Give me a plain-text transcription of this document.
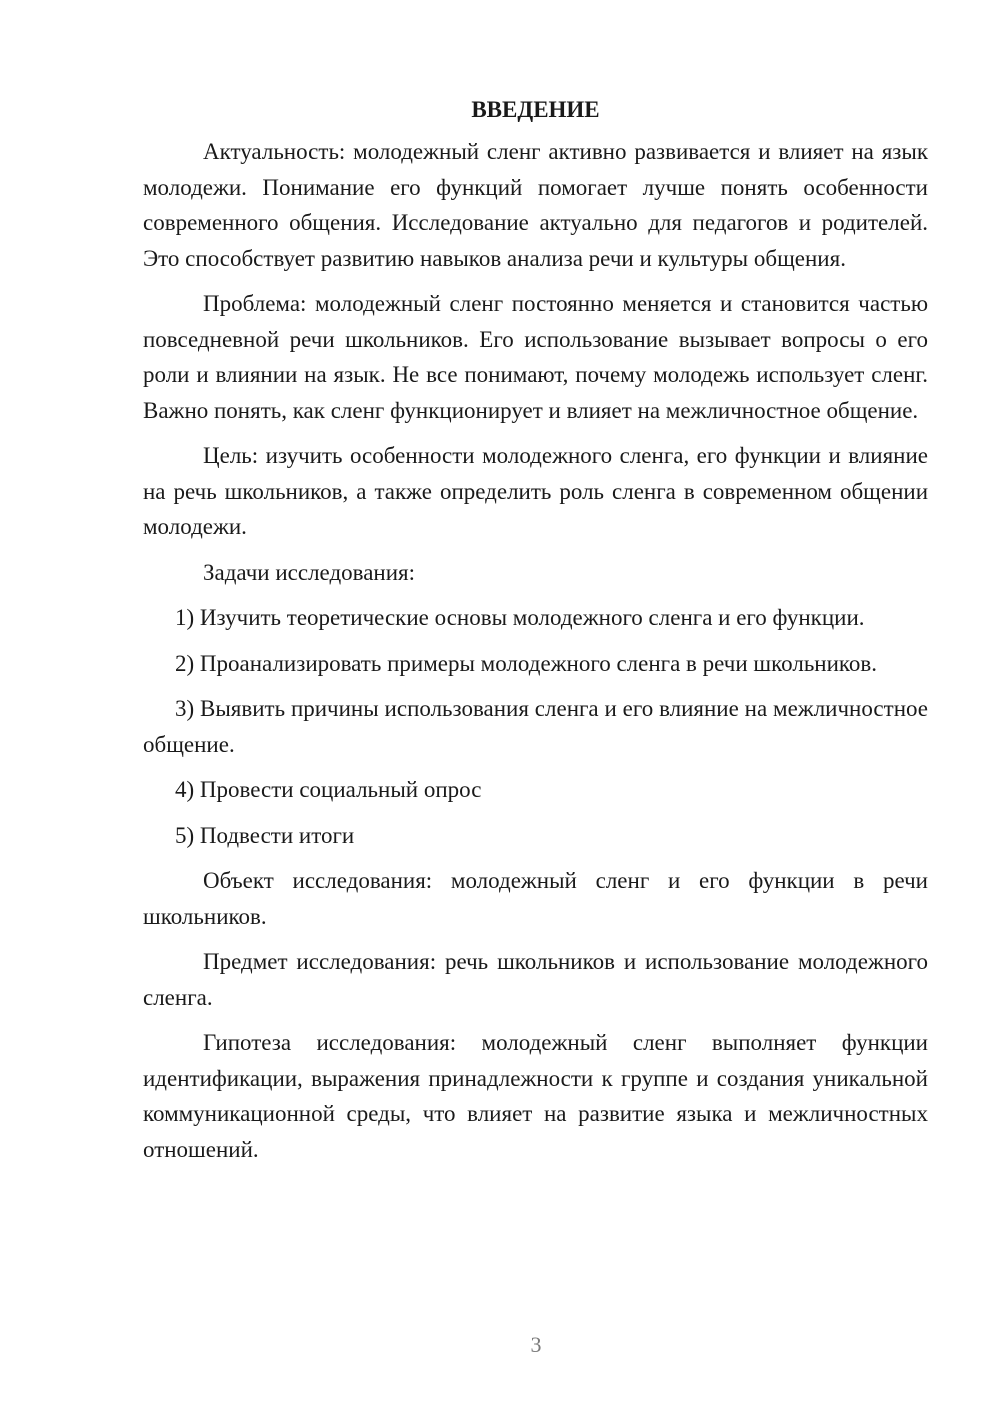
ВВЕДЕНИЕ

Актуальность: молодежный сленг активно развивается и влияет на язык молодежи. Понимание его функций помогает лучше понять особенности современного общения. Исследование актуально для педагогов и родителей. Это способствует развитию навыков анализа речи и культуры общения.

Проблема: молодежный сленг постоянно меняется и становится частью повседневной речи школьников. Его использование вызывает вопросы о его роли и влиянии на язык. Не все понимают, почему молодежь использует сленг. Важно понять, как сленг функционирует и влияет на межличностное общение.

Цель: изучить особенности молодежного сленга, его функции и влияние на речь школьников, а также определить роль сленга в современном общении молодежи.

Задачи исследования:

1) Изучить теоретические основы молодежного сленга и его функции.

2) Проанализировать примеры молодежного сленга в речи школьников.

3) Выявить причины использования сленга и его влияние на межличностное общение.

4) Провести социальный опрос

5) Подвести итоги

Объект исследования: молодежный сленг и его функции в речи школьников.

Предмет исследования: речь школьников и использование молодежного сленга.

Гипотеза исследования: молодежный сленг выполняет функции идентификации, выражения принадлежности к группе и создания уникальной коммуникационной среды, что влияет на развитие языка и межличностных отношений.

3
